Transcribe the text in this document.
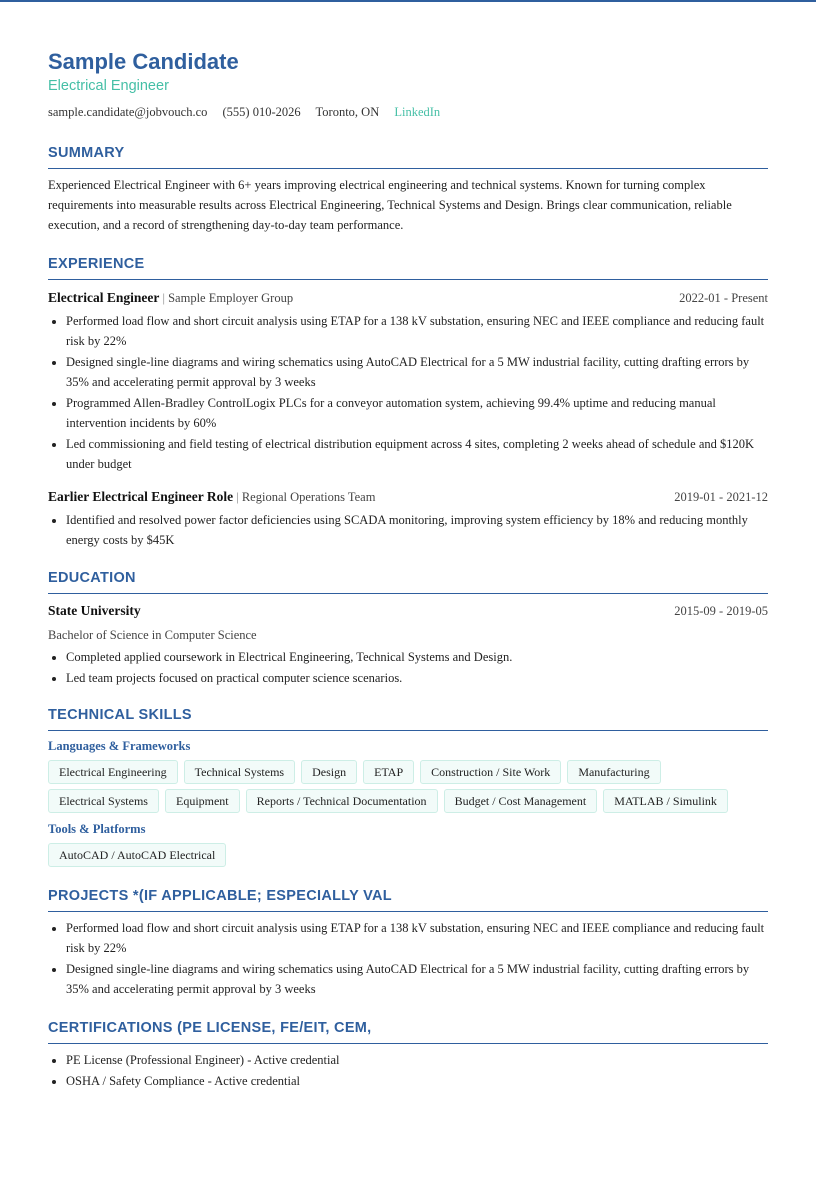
Sample Candidate
Electrical Engineer
sample.candidate@jobvouch.co (555) 010-2026 Toronto, ON LinkedIn
SUMMARY
Experienced Electrical Engineer with 6+ years improving electrical engineering and technical systems. Known for turning complex requirements into measurable results across Electrical Engineering, Technical Systems and Design. Brings clear communication, reliable execution, and a record of strengthening day-to-day team performance.
EXPERIENCE
Electrical Engineer | Sample Employer Group	2022-01 - Present
• Performed load flow and short circuit analysis using ETAP for a 138 kV substation, ensuring NEC and IEEE compliance and reducing fault risk by 22%
• Designed single-line diagrams and wiring schematics using AutoCAD Electrical for a 5 MW industrial facility, cutting drafting errors by 35% and accelerating permit approval by 3 weeks
• Programmed Allen-Bradley ControlLogix PLCs for a conveyor automation system, achieving 99.4% uptime and reducing manual intervention incidents by 60%
• Led commissioning and field testing of electrical distribution equipment across 4 sites, completing 2 weeks ahead of schedule and $120K under budget
Earlier Electrical Engineer Role | Regional Operations Team	2019-01 - 2021-12
• Identified and resolved power factor deficiencies using SCADA monitoring, improving system efficiency by 18% and reducing monthly energy costs by $45K
EDUCATION
State University	2015-09 - 2019-05
Bachelor of Science in Computer Science
• Completed applied coursework in Electrical Engineering, Technical Systems and Design.
• Led team projects focused on practical computer science scenarios.
TECHNICAL SKILLS
Languages & Frameworks
Electrical Engineering	Technical Systems	Design	ETAP	Construction / Site Work	Manufacturing
Electrical Systems	Equipment	Reports / Technical Documentation	Budget / Cost Management	MATLAB / Simulink
Tools & Platforms
AutoCAD / AutoCAD Electrical
PROJECTS *(IF APPLICABLE; ESPECIALLY VAL
• Performed load flow and short circuit analysis using ETAP for a 138 kV substation, ensuring NEC and IEEE compliance and reducing fault risk by 22%
• Designed single-line diagrams and wiring schematics using AutoCAD Electrical for a 5 MW industrial facility, cutting drafting errors by 35% and accelerating permit approval by 3 weeks
CERTIFICATIONS (PE LICENSE, FE/EIT, CEM,
• PE License (Professional Engineer) - Active credential
• OSHA / Safety Compliance - Active credential
